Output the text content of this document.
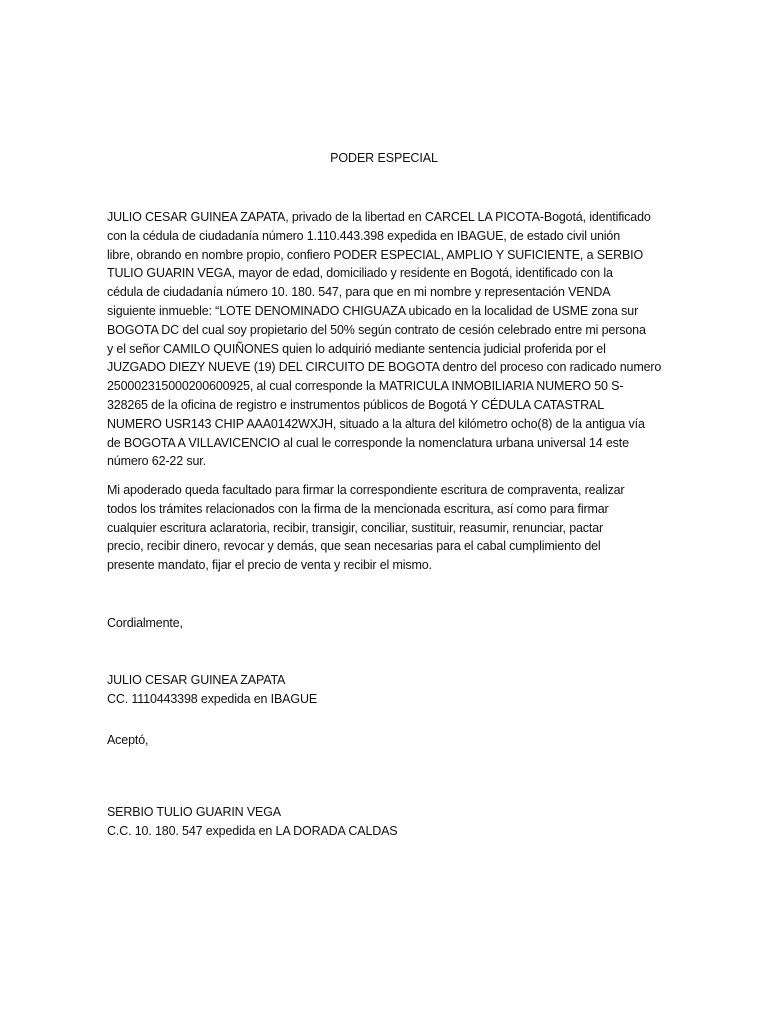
PODER ESPECIAL
JULIO CESAR GUINEA ZAPATA, privado de la libertad en CARCEL LA PICOTA-Bogotá, identificado
con la cédula de ciudadanía número 1.110.443.398 expedida en IBAGUE, de estado civil unión
libre, obrando en nombre propio, confiero PODER ESPECIAL, AMPLIO Y SUFICIENTE, a SERBIO
TULIO GUARIN VEGA, mayor de edad, domiciliado y residente en Bogotá, identificado con la
cédula de ciudadanía número 10. 180. 547, para que en mi nombre y representación VENDA
siguiente inmueble: “LOTE DENOMINADO CHIGUAZA ubicado en la localidad de USME zona sur
BOGOTA DC del cual soy propietario del 50% según contrato de cesión celebrado entre mi persona
y el señor CAMILO QUIÑONES quien lo adquirió mediante sentencia judicial proferida por el
JUZGADO DIEZY NUEVE (19) DEL CIRCUITO DE BOGOTA dentro del proceso con radicado numero
25000231500020060092​5, al cual corresponde la MATRICULA INMOBILIARIA NUMERO 50 S-
328265 de la oficina de registro e instrumentos públicos de Bogotá Y CÉDULA CATASTRAL
NUMERO USR143 CHIP AAA0142WXJH, situado a la altura del kilómetro ocho(8) de la antigua vía
de BOGOTA A VILLAVICENCIO al cual le corresponde la nomenclatura urbana universal 14 este
número 62-22 sur.
Mi apoderado queda facultado para firmar la correspondiente escritura de compraventa, realizar
todos los trámites relacionados con la firma de la mencionada escritura, así como para firmar
cualquier escritura aclaratoria, recibir, transigir, conciliar, sustituir, reasumir, renunciar, pactar
precio, recibir dinero, revocar y demás, que sean necesarias para el cabal cumplimiento del
presente mandato, fijar el precio de venta y recibir el mismo.
Cordialmente,
JULIO CESAR GUINEA ZAPATA
CC. 1110443398 expedida en IBAGUE
Aceptó,
SERBIO TULIO GUARIN VEGA
C.C. 10. 180. 547 expedida en LA DORADA CALDAS
